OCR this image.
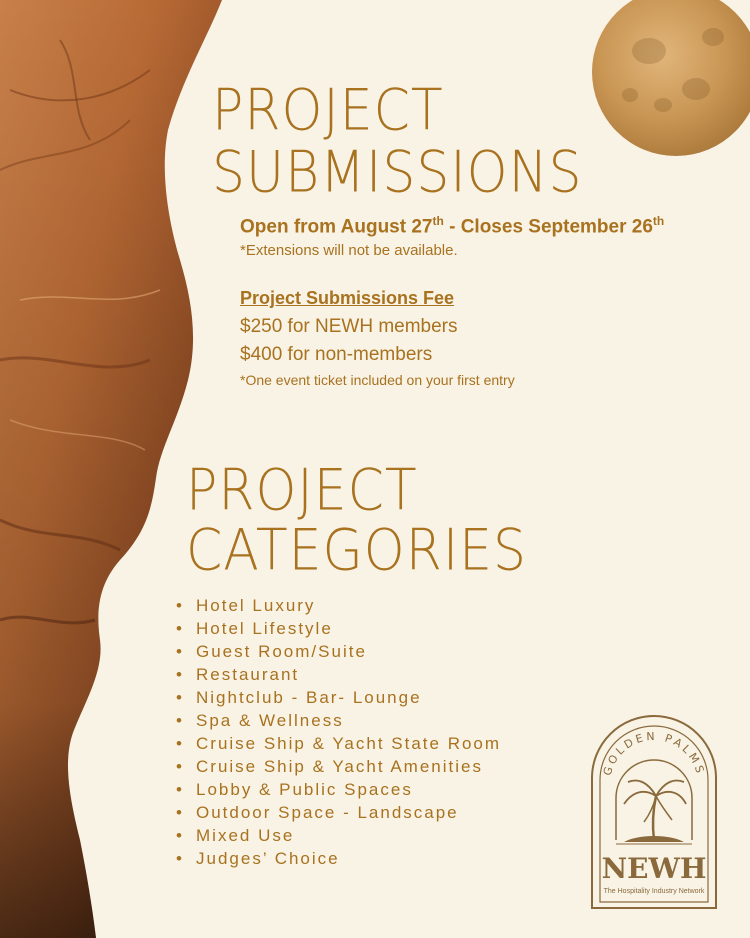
PROJECT
SUBMISSIONS
Open from August 27th - Closes September 26th
*Extensions will not be available.
Project Submissions Fee
$250 for NEWH members
$400 for non-members
*One event ticket included on your first entry
PROJECT
CATEGORIES
• Hotel Luxury
• Hotel Lifestyle
• Guest Room/Suite
• Restaurant
• Nightclub - Bar- Lounge
• Spa & Wellness
• Cruise Ship & Yacht State Room
• Cruise Ship & Yacht Amenities
• Lobby & Public Spaces
• Outdoor Space - Landscape
• Mixed Use
• Judges’ Choice
GOLDEN PALMS
NEWH
The Hospitality Industry Network
